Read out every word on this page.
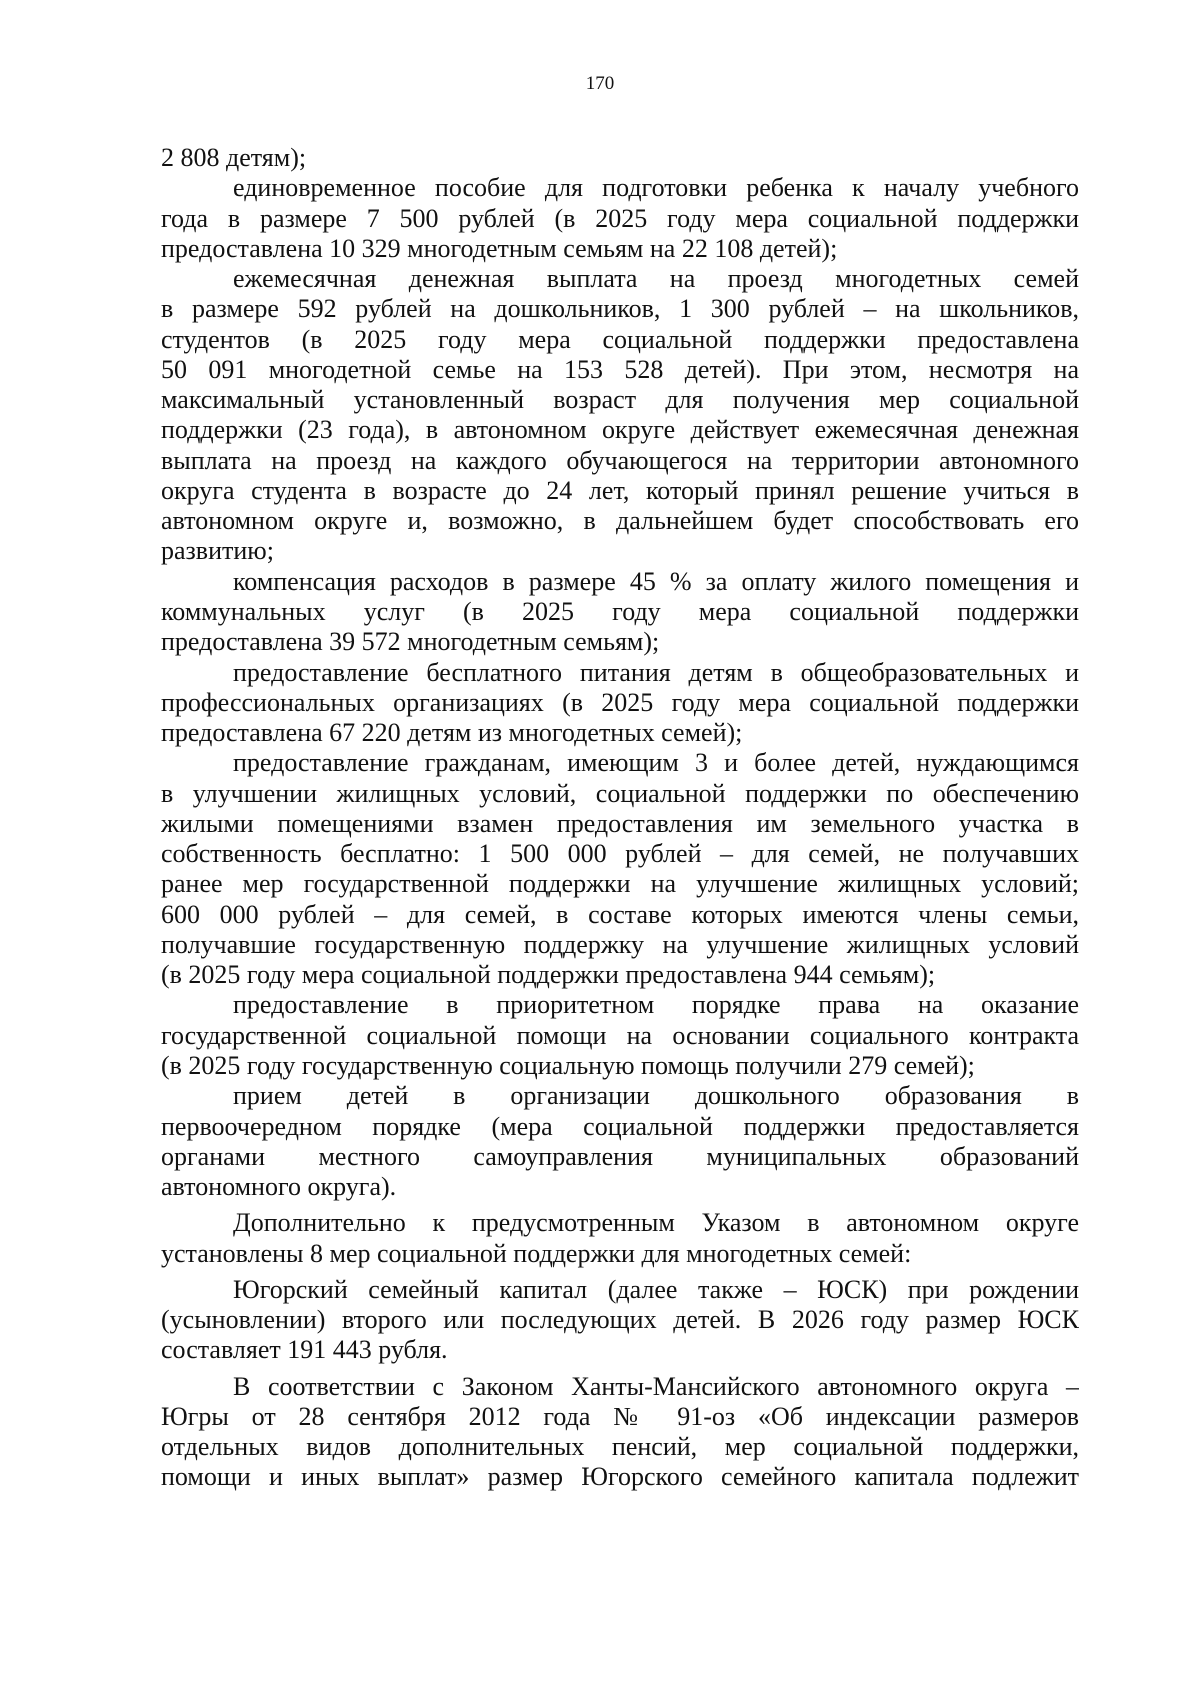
170
2 808 детям);
единовременное пособие для подготовки ребенка к началу учебного
года в размере 7 500 рублей (в 2025 году мера социальной поддержки
предоставлена 10 329 многодетным семьям на 22 108 детей);
ежемесячная денежная выплата на проезд многодетных семей
в размере 592 рублей на дошкольников, 1 300 рублей – на школьников,
студентов (в 2025 году мера социальной поддержки предоставлена
50 091 многодетной семье на 153 528 детей). При этом, несмотря на
максимальный установленный возраст для получения мер социальной
поддержки (23 года), в автономном округе действует ежемесячная денежная
выплата на проезд на каждого обучающегося на территории автономного
округа студента в возрасте до 24 лет, который принял решение учиться в
автономном округе и, возможно, в дальнейшем будет способствовать его
развитию;
компенсация расходов в размере 45 % за оплату жилого помещения и
коммунальных услуг (в 2025 году мера социальной поддержки
предоставлена 39 572 многодетным семьям);
предоставление бесплатного питания детям в общеобразовательных и
профессиональных организациях (в 2025 году мера социальной поддержки
предоставлена 67 220 детям из многодетных семей);
предоставление гражданам, имеющим 3 и более детей, нуждающимся
в улучшении жилищных условий, социальной поддержки по обеспечению
жилыми помещениями взамен предоставления им земельного участка в
собственность бесплатно: 1 500 000 рублей – для семей, не получавших
ранее мер государственной поддержки на улучшение жилищных условий;
600 000 рублей – для семей, в составе которых имеются члены семьи,
получавшие государственную поддержку на улучшение жилищных условий
(в 2025 году мера социальной поддержки предоставлена 944 семьям);
предоставление в приоритетном порядке права на оказание
государственной социальной помощи на основании социального контракта
(в 2025 году государственную социальную помощь получили 279 семей);
прием детей в организации дошкольного образования в
первоочередном порядке (мера социальной поддержки предоставляется
органами местного самоуправления муниципальных образований
автономного округа).
Дополнительно к предусмотренным Указом в автономном округе
установлены 8 мер социальной поддержки для многодетных семей:
Югорский семейный капитал (далее также – ЮСК) при рождении
(усыновлении) второго или последующих детей. В 2026 году размер ЮСК
составляет 191 443 рубля.
В соответствии с Законом Ханты-Мансийского автономного округа –
Югры от 28 сентября 2012 года № 91-оз «Об индексации размеров
отдельных видов дополнительных пенсий, мер социальной поддержки,
помощи и иных выплат» размер Югорского семейного капитала подлежит
